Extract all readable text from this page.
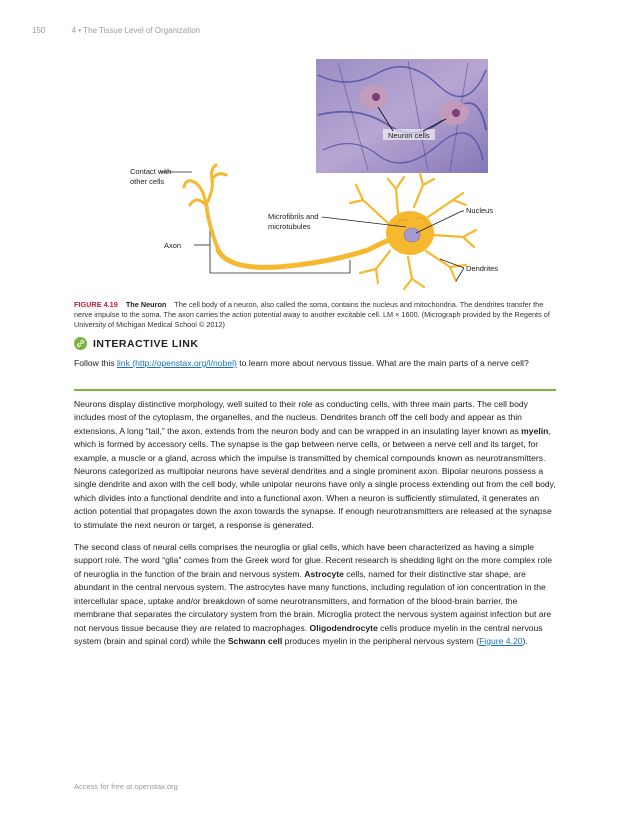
150	4 • The Tissue Level of Organization
Neuron cells
Contact with
other cells
Microfibrils and
microtubules
Axon
Nucleus
Dendrites
FIGURE 4.19 The Neuron The cell body of a neuron, also called the soma, contains the nucleus and mitochondria. The dendrites transfer the nerve impulse to the soma. The axon carries the action potential away to another excitable cell. LM × 1600. (Micrograph provided by the Regents of University of Michigan Medical School © 2012)
INTERACTIVE LINK
Follow this link (http://openstax.org/l/nobel) to learn more about nervous tissue. What are the main parts of a nerve cell?

Neurons display distinctive morphology, well suited to their role as conducting cells, with three main parts. The cell body includes most of the cytoplasm, the organelles, and the nucleus. Dendrites branch off the cell body and appear as thin extensions. A long “tail,” the axon, extends from the neuron body and can be wrapped in an insulating layer known as myelin, which is formed by accessory cells. The synapse is the gap between nerve cells, or between a nerve cell and its target, for example, a muscle or a gland, across which the impulse is transmitted by chemical compounds known as neurotransmitters. Neurons categorized as multipolar neurons have several dendrites and a single prominent axon. Bipolar neurons possess a single dendrite and axon with the cell body, while unipolar neurons have only a single process extending out from the cell body, which divides into a functional dendrite and into a functional axon. When a neuron is sufficiently stimulated, it generates an action potential that propagates down the axon towards the synapse. If enough neurotransmitters are released at the synapse to stimulate the next neuron or target, a response is generated.

The second class of neural cells comprises the neuroglia or glial cells, which have been characterized as having a simple support role. The word “glia” comes from the Greek word for glue. Recent research is shedding light on the more complex role of neuroglia in the function of the brain and nervous system. Astrocyte cells, named for their distinctive star shape, are abundant in the central nervous system. The astrocytes have many functions, including regulation of ion concentration in the intercellular space, uptake and/or breakdown of some neurotransmitters, and formation of the blood-brain barrier, the membrane that separates the circulatory system from the brain. Microglia protect the nervous system against infection but are not nervous tissue because they are related to macrophages. Oligodendrocyte cells produce myelin in the central nervous system (brain and spinal cord) while the Schwann cell produces myelin in the peripheral nervous system (Figure 4.20).

Access for free at openstax.org
